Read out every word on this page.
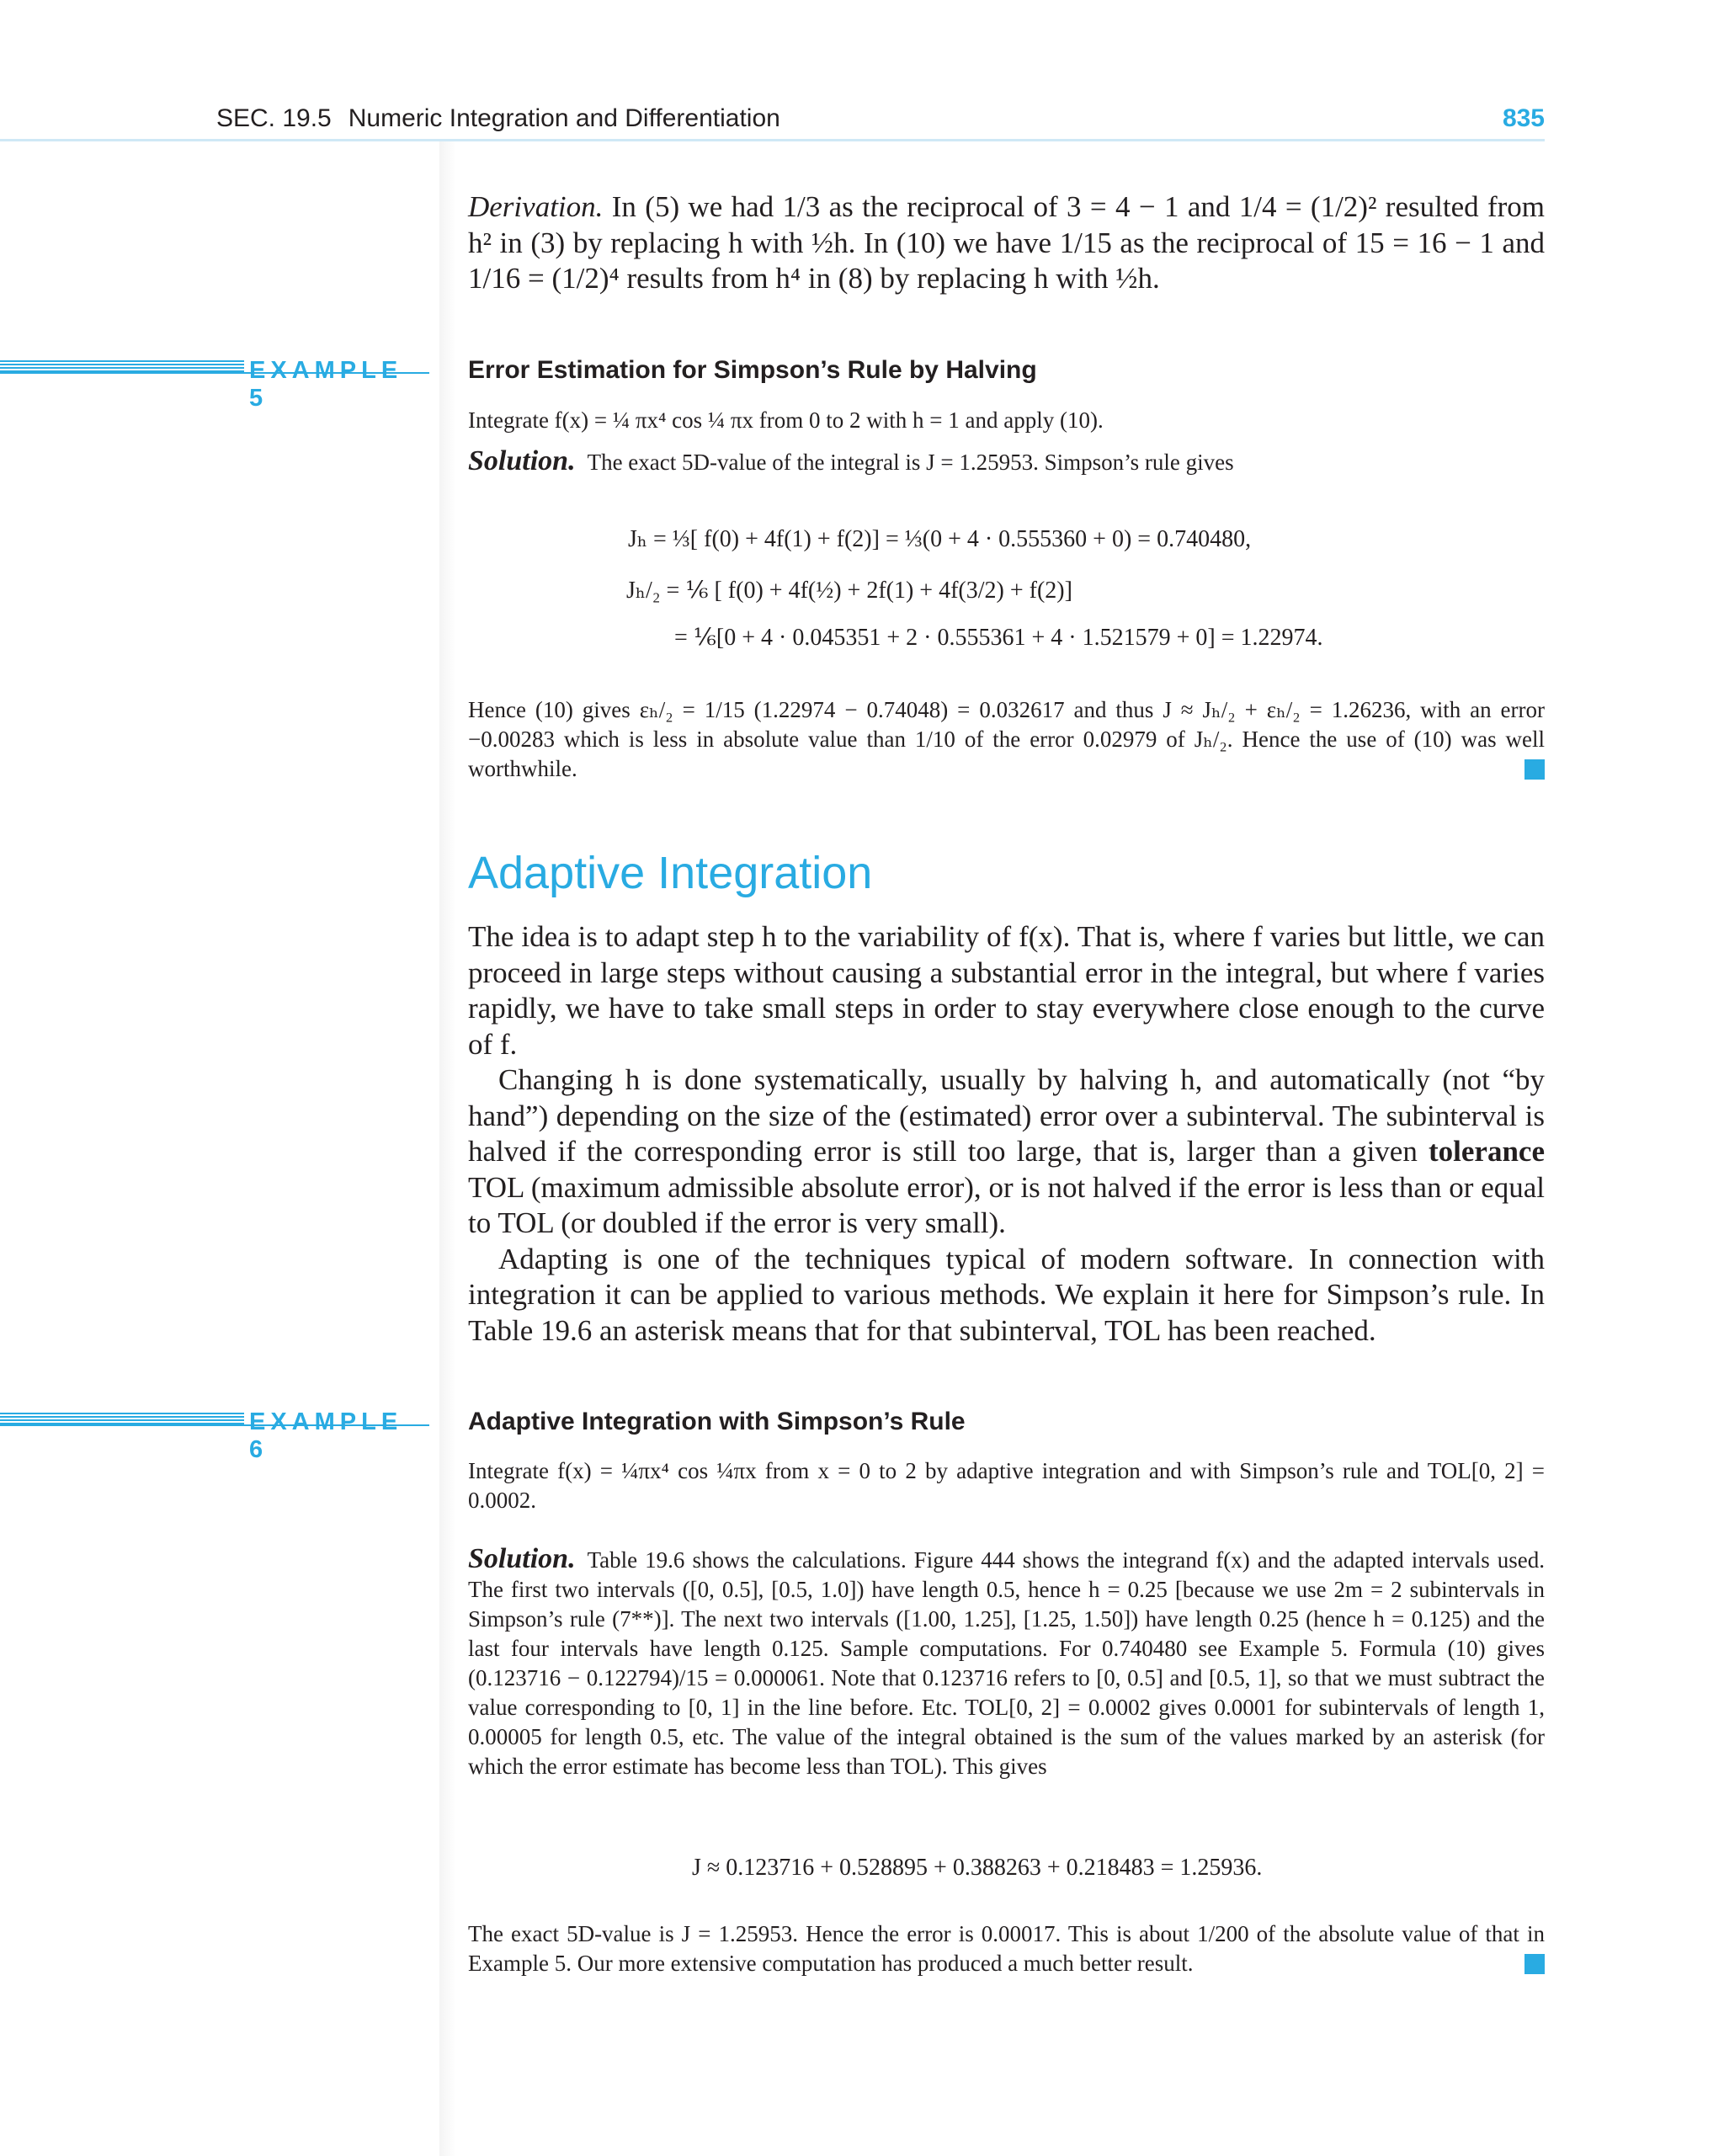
SEC. 19.5 Numeric Integration and Differentiation	835

Derivation. In (5) we had 1/3 as the reciprocal of 3 = 4 − 1 and 1/4 = (1/2)² resulted from h² in (3) by replacing h with ½h. In (10) we have 1/15 as the reciprocal of 15 = 16 − 1 and 1/16 = (1/2)⁴ results from h⁴ in (8) by replacing h with ½h.

EXAMPLE 5
Error Estimation for Simpson’s Rule by Halving

Integrate f(x) = ¼ πx⁴ cos ¼ πx from 0 to 2 with h = 1 and apply (10).

Solution. The exact 5D-value of the integral is J = 1.25953. Simpson’s rule gives

Jₕ = ⅓[ f(0) + 4f(1) + f(2)] = ⅓(0 + 4 · 0.555360 + 0) = 0.740480,
Jₕ/₂ = ⅙ [ f(0) + 4f(½) + 2f(1) + 4f(3/2) + f(2)]
= ⅙[0 + 4 · 0.045351 + 2 · 0.555361 + 4 · 1.521579 + 0] = 1.22974.

Hence (10) gives εₕ/₂ = 1/15 (1.22974 − 0.74048) = 0.032617 and thus J ≈ Jₕ/₂ + εₕ/₂ = 1.26236, with an error −0.00283 which is less in absolute value than 1/10 of the error 0.02979 of Jₕ/₂. Hence the use of (10) was well worthwhile.

Adaptive Integration

The idea is to adapt step h to the variability of f(x). That is, where f varies but little, we can proceed in large steps without causing a substantial error in the integral, but where f varies rapidly, we have to take small steps in order to stay everywhere close enough to the curve of f.

Changing h is done systematically, usually by halving h, and automatically (not “by hand”) depending on the size of the (estimated) error over a subinterval. The subinterval is halved if the corresponding error is still too large, that is, larger than a given tolerance TOL (maximum admissible absolute error), or is not halved if the error is less than or equal to TOL (or doubled if the error is very small).

Adapting is one of the techniques typical of modern software. In connection with integration it can be applied to various methods. We explain it here for Simpson’s rule. In Table 19.6 an asterisk means that for that subinterval, TOL has been reached.

EXAMPLE 6
Adaptive Integration with Simpson’s Rule

Integrate f(x) = ¼πx⁴ cos ¼πx from x = 0 to 2 by adaptive integration and with Simpson’s rule and TOL[0, 2] = 0.0002.

Solution. Table 19.6 shows the calculations. Figure 444 shows the integrand f(x) and the adapted intervals used. The first two intervals ([0, 0.5], [0.5, 1.0]) have length 0.5, hence h = 0.25 [because we use 2m = 2 subintervals in Simpson’s rule (7**)]. The next two intervals ([1.00, 1.25], [1.25, 1.50]) have length 0.25 (hence h = 0.125) and the last four intervals have length 0.125. Sample computations. For 0.740480 see Example 5. Formula (10) gives (0.123716 − 0.122794)/15 = 0.000061. Note that 0.123716 refers to [0, 0.5] and [0.5, 1], so that we must subtract the value corresponding to [0, 1] in the line before. Etc. TOL[0, 2] = 0.0002 gives 0.0001 for subintervals of length 1, 0.00005 for length 0.5, etc. The value of the integral obtained is the sum of the values marked by an asterisk (for which the error estimate has become less than TOL). This gives

J ≈ 0.123716 + 0.528895 + 0.388263 + 0.218483 = 1.25936.

The exact 5D-value is J = 1.25953. Hence the error is 0.00017. This is about 1/200 of the absolute value of that in Example 5. Our more extensive computation has produced a much better result.
